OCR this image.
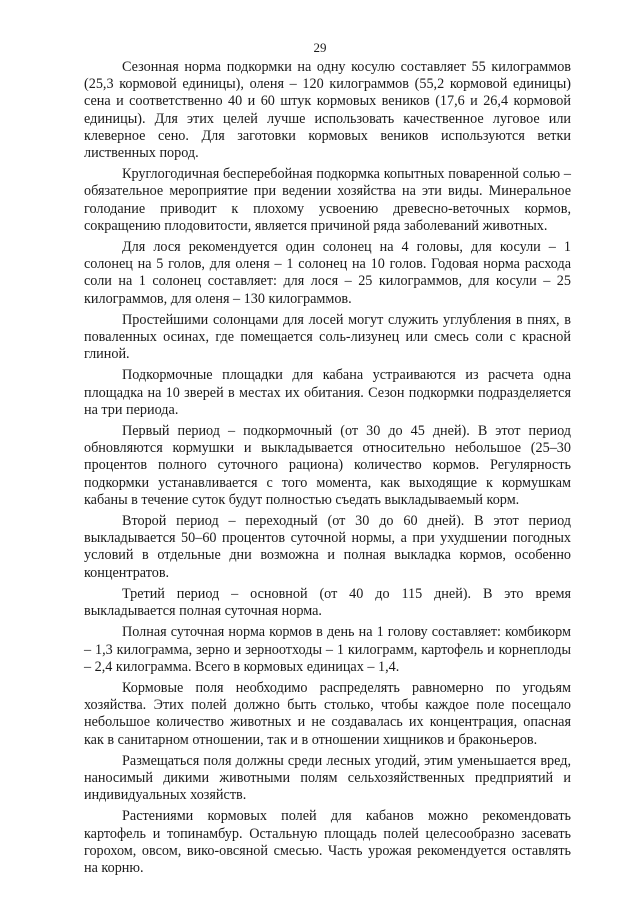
29

Сезонная норма подкормки на одну косулю составляет 55 килограммов (25,3 кормовой единицы), оленя – 120 килограммов (55,2 кормовой единицы) сена и соответственно 40 и 60 штук кормовых веников (17,6 и 26,4 кормовой единицы). Для этих целей лучше использовать качественное луговое или клеверное сено. Для заготовки кормовых веников используются ветки лиственных пород.

Круглогодичная бесперебойная подкормка копытных поваренной солью – обязательное мероприятие при ведении хозяйства на эти виды. Минеральное голодание приводит к плохому усвоению древесно-веточных кормов, сокращению плодовитости, является причиной ряда заболеваний животных.

Для лося рекомендуется один солонец на 4 головы, для косули – 1 солонец на 5 голов, для оленя – 1 солонец на 10 голов. Годовая норма расхода соли на 1 солонец составляет: для лося – 25 килограммов, для косули – 25 килограммов, для оленя – 130 килограммов.

Простейшими солонцами для лосей могут служить углубления в пнях, в поваленных осинах, где помещается соль-лизунец или смесь соли с красной глиной.

Подкормочные площадки для кабана устраиваются из расчета одна площадка на 10 зверей в местах их обитания. Сезон подкормки подразделяется на три периода.

Первый период – подкормочный (от 30 до 45 дней). В этот период обновляются кормушки и выкладывается относительно небольшое (25–30 процентов полного суточного рациона) количество кормов. Регулярность подкормки устанавливается с того момента, как выходящие к кормушкам кабаны в течение суток будут полностью съедать выкладываемый корм.

Второй период – переходный (от 30 до 60 дней). В этот период выкладывается 50–60 процентов суточной нормы, а при ухудшении погодных условий в отдельные дни возможна и полная выкладка кормов, особенно концентратов.

Третий период – основной (от 40 до 115 дней). В это время выкладывается полная суточная норма.

Полная суточная норма кормов в день на 1 голову составляет: комбикорм – 1,3 килограмма, зерно и зерноотходы – 1 килограмм, картофель и корнеплоды – 2,4 килограмма. Всего в кормовых единицах – 1,4.

Кормовые поля необходимо распределять равномерно по угодьям хозяйства. Этих полей должно быть столько, чтобы каждое поле посещало небольшое количество животных и не создавалась их концентрация, опасная как в санитарном отношении, так и в отношении хищников и браконьеров.

Размещаться поля должны среди лесных угодий, этим уменьшается вред, наносимый дикими животными полям сельхозяйственных предприятий и индивидуальных хозяйств.

Растениями кормовых полей для кабанов можно рекомендовать картофель и топинамбур. Остальную площадь полей целесообразно засевать горохом, овсом, вико-овсяной смесью. Часть урожая рекомендуется оставлять на корню.
